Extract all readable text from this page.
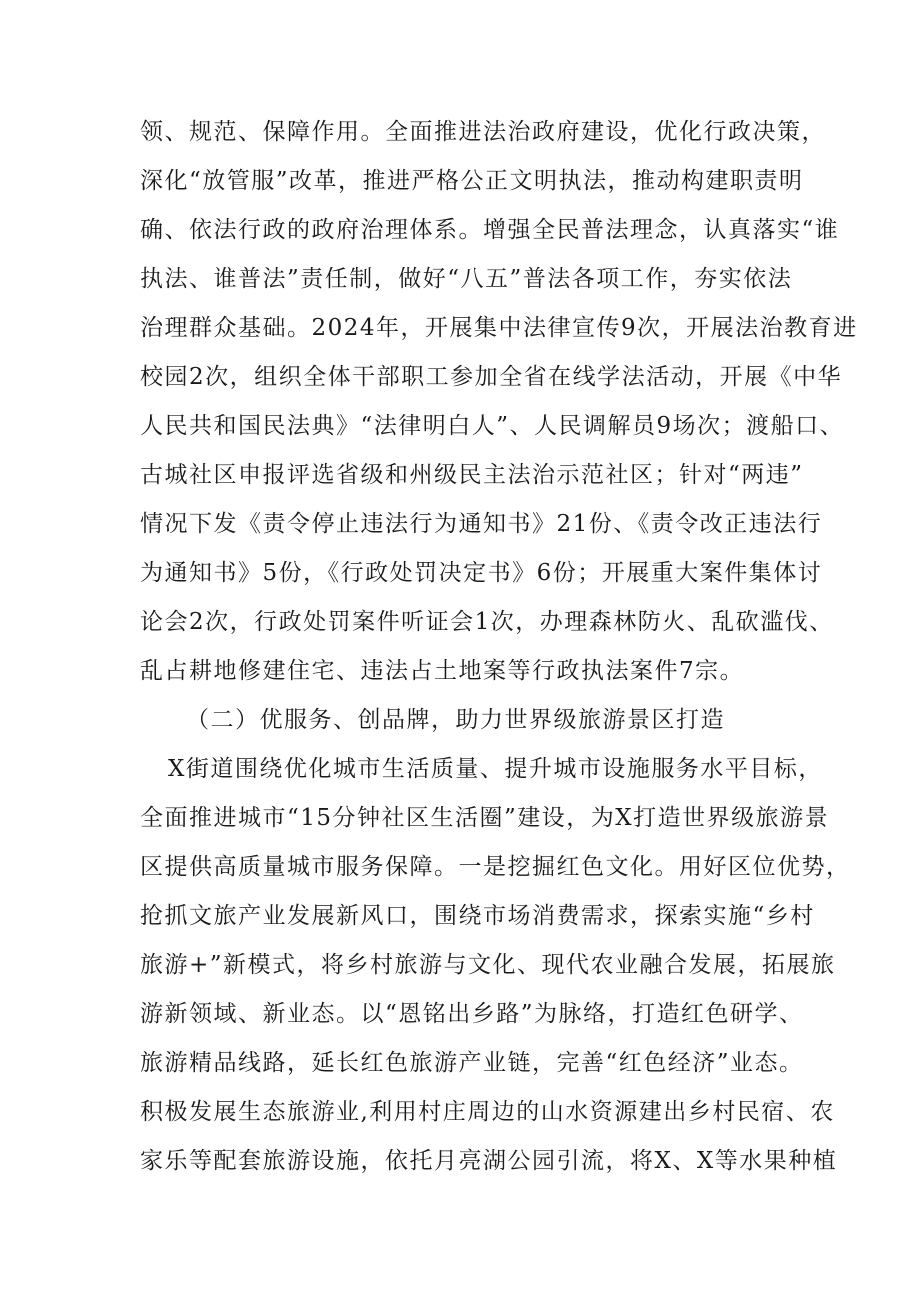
领、规范、保障作用。全面推进法治政府建设，优化行政决策，
深化“放管服”改革，推进严格公正文明执法，推动构建职责明
确、依法行政的政府治理体系。增强全民普法理念，认真落实“谁
执法、谁普法”责任制，做好“八五”普法各项工作，夯实依法
治理群众基础。2024年，开展集中法律宣传9次，开展法治教育进
校园2次，组织全体干部职工参加全省在线学法活动，开展《中华
人民共和国民法典》“法律明白人”、人民调解员9场次；渡船口、
古城社区申报评选省级和州级民主法治示范社区；针对“两违”
情况下发《责令停止违法行为通知书》21份、《责令改正违法行
为通知书》5份，《行政处罚决定书》6份；开展重大案件集体讨
论会2次，行政处罚案件听证会1次，办理森林防火、乱砍滥伐、
乱占耕地修建住宅、违法占土地案等行政执法案件7宗。
（二）优服务、创品牌，助力世界级旅游景区打造
X街道围绕优化城市生活质量、提升城市设施服务水平目标，
全面推进城市“15分钟社区生活圈”建设，为X打造世界级旅游景
区提供高质量城市服务保障。一是挖掘红色文化。用好区位优势，
抢抓文旅产业发展新风口，围绕市场消费需求，探索实施“乡村
旅游+”新模式，将乡村旅游与文化、现代农业融合发展，拓展旅
游新领域、新业态。以“恩铭出乡路”为脉络，打造红色研学、
旅游精品线路，延长红色旅游产业链，完善“红色经济”业态。
积极发展生态旅游业,利用村庄周边的山水资源建出乡村民宿、农
家乐等配套旅游设施，依托月亮湖公园引流，将X、X等水果种植
